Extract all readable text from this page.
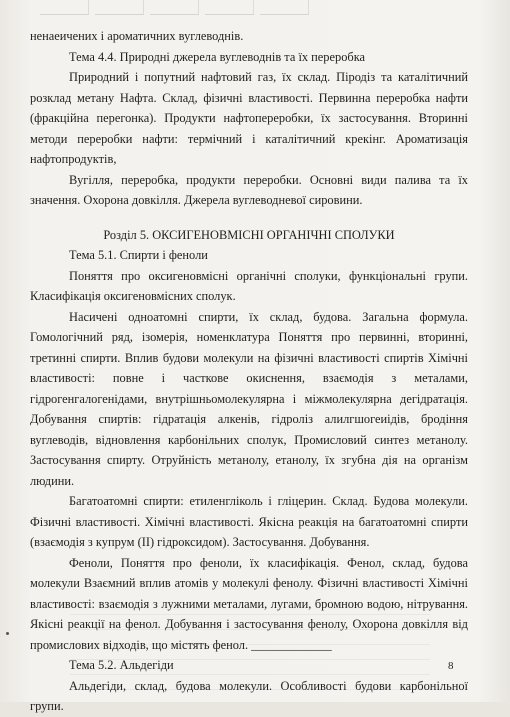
ненаеичених і ароматичних вуглеводнів.

Тема 4.4. Природні джерела вуглеводнів та їх переробка

Природний і попутний нафтовий газ, їх склад. Піродіз та каталітичний розклад метану Нафта. Склад, фізичні властивості. Первинна переробка нафти (фракційна перегонка). Продукти нафтопереробки, їх застосування. Вторинні методи переробки нафти: термічний і каталітичний крекінг. Ароматизація нафтопродуктів,

Вугілля, переробка, продукти переробки. Основні види палива та їх значення. Охорона довкілля. Джерела вуглеводневої сировини.

Розділ 5. ОКСИГЕНОВМІСНІ ОРГАНІЧНІ СПОЛУКИ

Тема 5.1. Спирти і феноли

Поняття про оксигеновмісні органічні сполуки, функціональні групи. Класифікація оксигеновмісних сполук.

Насичені одноатомні спирти, їх склад, будова. Загальна формула. Гомологічний ряд, ізомерія, номенклатура Поняття про первинні, вторинні, третинні спирти. Вплив будови молекули на фізичні властивості спиртів Хімічні властивості: повне і часткове окиснення, взаємодія з металами, гідрогенгалогенідами, внутрішньомолекулярна і міжмолекулярна дегідратація. Добування спиртів: гідратація алкенів, гідроліз алилгшогеиідів, бродіння вуглеводів, відновлення карбонільних сполук, Промисловий синтез метанолу. Застосування спирту. Отруйність метанолу, етанолу, їх згубна дія на організм людини.

Багатоатомні спирти: етиленгліколь і гліцерин. Склад. Будова молекули. Фізичні властивості. Хімічні властивості. Якісна реакція на багатоатомні спирти (взаємодія з купрум (II) гідроксидом). Застосування. Добування.

Феноли, Поняття про феноли, їх класифікація. Фенол, склад, будова молекули Взаємний вплив атомів у молекулі фенолу. Фізичні властивості Хімічні властивості: взаємодія з лужними металами, лугами, бромною водою, нітрування. Якісні реакції на фенол. Добування і застосування фенолу, Охорона довкілля від промислових відходів, що містять фенол. _____________

Тема 5.2. Альдегіди

Альдегіди, склад, будова молекули. Особливості будови карбонільної групи.

8
